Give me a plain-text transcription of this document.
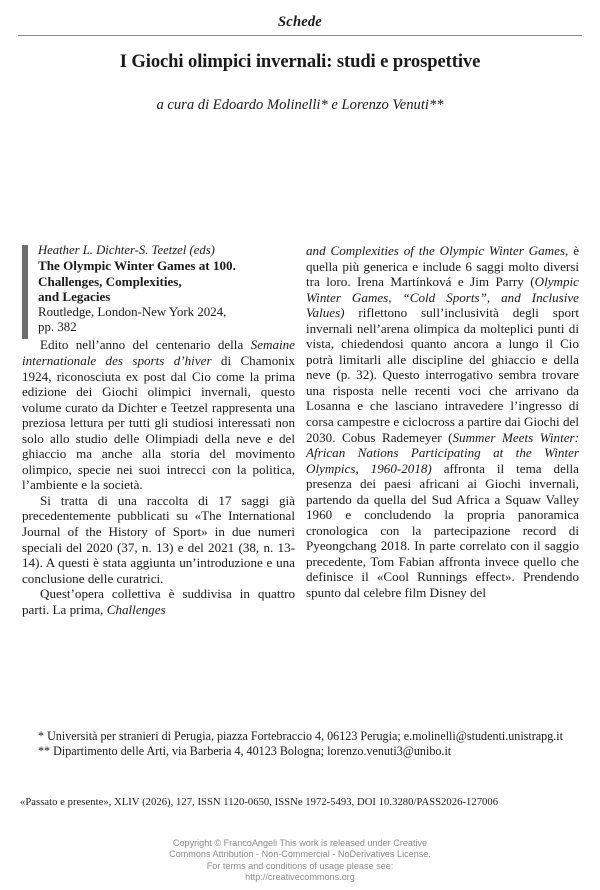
Schede
I Giochi olimpici invernali: studi e prospettive
a cura di Edoardo Molinelli* e Lorenzo Venuti**
Heather L. Dichter-S. Teetzel (eds)
The Olympic Winter Games at 100.
Challenges, Complexities,
and Legacies
Routledge, London-New York 2024,
pp. 382

Edito nell’anno del centenario della Semaine internationale des sports d’hiver di Chamonix 1924, riconosciuta ex post dal Cio come la prima edizione dei Giochi olimpici invernali, questo volume curato da Dichter e Teetzel rappresenta una preziosa lettura per tutti gli studiosi interessati non solo allo studio delle Olimpiadi della neve e del ghiaccio ma anche alla storia del movimento olimpico, specie nei suoi intrecci con la politica, l’ambiente e la società.

Si tratta di una raccolta di 17 saggi già precedentemente pubblicati su «The International Journal of the History of Sport» in due numeri speciali del 2020 (37, n. 13) e del 2021 (38, n. 13-14). A questi è stata aggiunta un’introduzione e una conclusione delle curatrici.

Quest’opera collettiva è suddivisa in quattro parti. La prima, Challenges

and Complexities of the Olympic Winter Games, è quella più generica e include 6 saggi molto diversi tra loro. Irena Martínková e Jim Parry (Olympic Winter Games, “Cold Sports”, and Inclusive Values) riflettono sull’inclusività degli sport invernali nell’arena olimpica da molteplici punti di vista, chiedendosi quanto ancora a lungo il Cio potrà limitarli alle discipline del ghiaccio e della neve (p. 32). Questo interrogativo sembra trovare una risposta nelle recenti voci che arrivano da Losanna e che lasciano intravedere l’ingresso di corsa campestre e ciclocross a partire dai Giochi del 2030. Cobus Rademeyer (Summer Meets Winter: African Nations Participating at the Winter Olympics, 1960-2018) affronta il tema della presenza dei paesi africani ai Giochi invernali, partendo da quella del Sud Africa a Squaw Valley 1960 e concludendo la propria panoramica cronologica con la partecipazione record di Pyeongchang 2018. In parte correlato con il saggio precedente, Tom Fabian affronta invece quello che definisce il «Cool Runnings effect». Prendendo spunto dal celebre film Disney del

* Università per stranieri di Perugia, piazza Fortebraccio 4, 06123 Perugia; e.molinelli@studenti.unistrapg.it

** Dipartimento delle Arti, via Barberia 4, 40123 Bologna; lorenzo.venuti3@unibo.it

«Passato e presente», XLIV (2026), 127, ISSN 1120-0650, ISSNe 1972-5493, DOI 10.3280/PASS2026-127006
Copyright © FrancoAngeli This work is released under Creative
Commons Attribution - Non-Commercial - NoDerivatives License.
For terms and conditions of usage please see:
http://creativecommons.org
